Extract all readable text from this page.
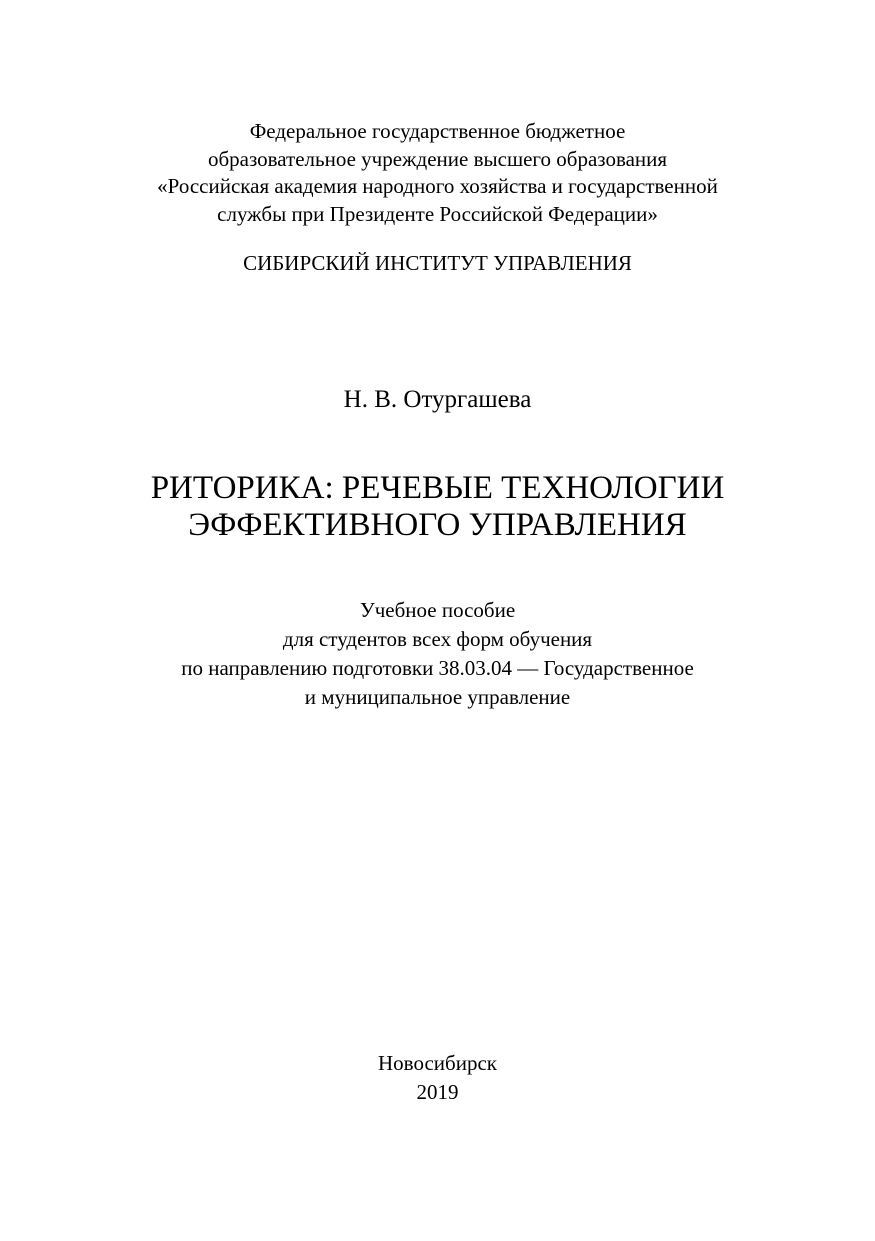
Федеральное государственное бюджетное
образовательное учреждение высшего образования
«Российская академия народного хозяйства и государственной
службы при Президенте Российской Федерации»
СИБИРСКИЙ ИНСТИТУТ УПРАВЛЕНИЯ
Н. В. Отургашева
РИТОРИКА: РЕЧЕВЫЕ ТЕХНОЛОГИИ
ЭФФЕКТИВНОГО УПРАВЛЕНИЯ
Учебное пособие
для студентов всех форм обучения
по направлению подготовки 38.03.04 — Государственное
и муниципальное управление
Новосибирск
2019
